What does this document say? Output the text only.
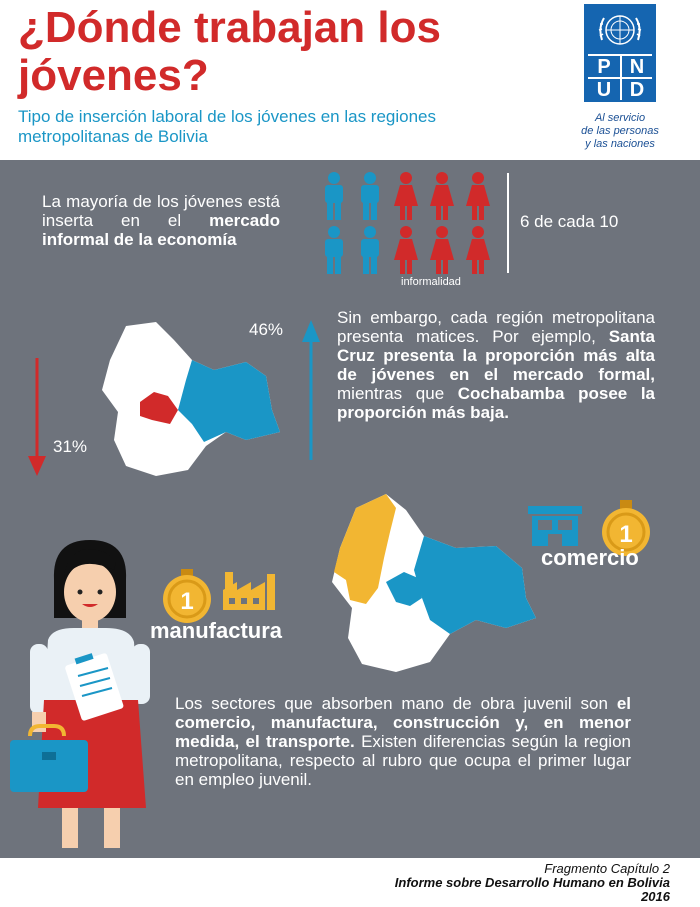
¿Dónde trabajan los jóvenes?

Tipo de inserción laboral de los jóvenes en las regiones metropolitanas de Bolivia

P N
U D
Al servicio
de las personas
y las naciones

La mayoría de los jóvenes está inserta en el mercado informal de la economía

informalidad
6 de cada 10
46%
31%

Sin embargo, cada región metropolitana presenta matices. Por ejemplo, Santa Cruz presenta la proporción más alta de jóvenes en el mercado formal, mientras que Cochabamba posee la proporción más baja.

1
comercio
1
manufactura

Los sectores que absorben mano de obra juvenil son el comercio, manufactura, construcción y, en menor medida, el transporte. Existen diferencias según la region metropolitana, respecto al rubro que ocupa el primer lugar en empleo juvenil.

Fragmento Capítulo 2
Informe sobre Desarrollo Humano en Bolivia
2016
